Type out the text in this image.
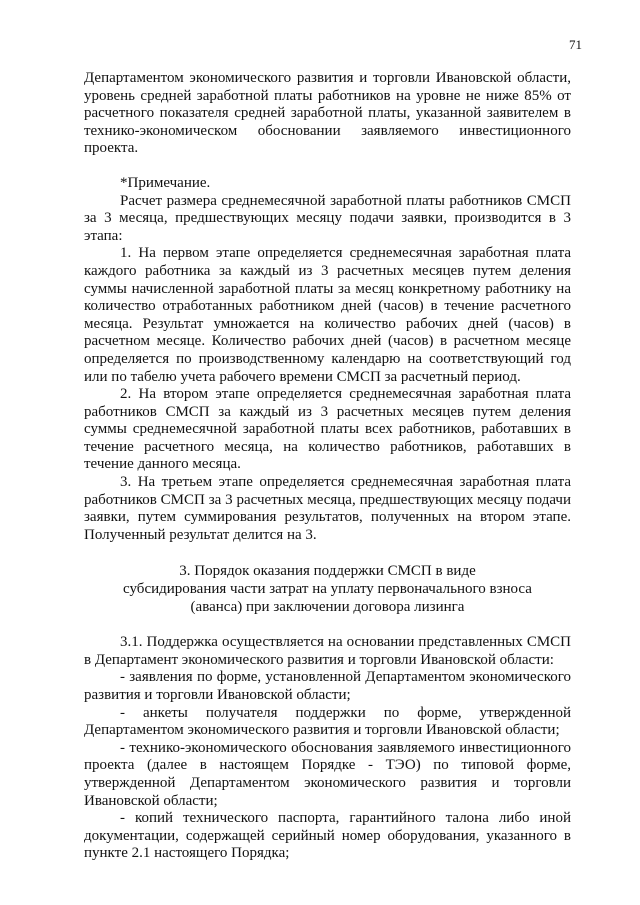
71

Департаментом экономического развития и торговли Ивановской области, уровень средней заработной платы работников на уровне не ниже 85% от расчетного показателя средней заработной платы, указанной заявителем в технико-экономическом обосновании заявляемого инвестиционного проекта.

*Примечание.

Расчет размера среднемесячной заработной платы работников СМСП за 3 месяца, предшествующих месяцу подачи заявки, производится в 3 этапа:

1. На первом этапе определяется среднемесячная заработная плата каждого работника за каждый из 3 расчетных месяцев путем деления суммы начисленной заработной платы за месяц конкретному работнику на количество отработанных работником дней (часов) в течение расчетного месяца. Результат умножается на количество рабочих дней (часов) в расчетном месяце. Количество рабочих дней (часов) в расчетном месяце определяется по производственному календарю на соответствующий год или по табелю учета рабочего времени СМСП за расчетный период.

2. На втором этапе определяется среднемесячная заработная плата работников СМСП за каждый из 3 расчетных месяцев путем деления суммы среднемесячной заработной платы всех работников, работавших в течение расчетного месяца, на количество работников, работавших в течение данного месяца.

3. На третьем этапе определяется среднемесячная заработная плата работников СМСП за 3 расчетных месяца, предшествующих месяцу подачи заявки, путем суммирования результатов, полученных на втором этапе. Полученный результат делится на 3.

3. Порядок оказания поддержки СМСП в виде
субсидирования части затрат на уплату первоначального взноса
(аванса) при заключении договора лизинга

3.1. Поддержка осуществляется на основании представленных СМСП в Департамент экономического развития и торговли Ивановской области:

- заявления по форме, установленной Департаментом экономического развития и торговли Ивановской области;

- анкеты получателя поддержки по форме, утвержденной Департаментом экономического развития и торговли Ивановской области;

- технико-экономического обоснования заявляемого инвестиционного проекта (далее в настоящем Порядке - ТЭО) по типовой форме, утвержденной Департаментом экономического развития и торговли Ивановской области;

- копий технического паспорта, гарантийного талона либо иной документации, содержащей серийный номер оборудования, указанного в пункте 2.1 настоящего Порядка;
